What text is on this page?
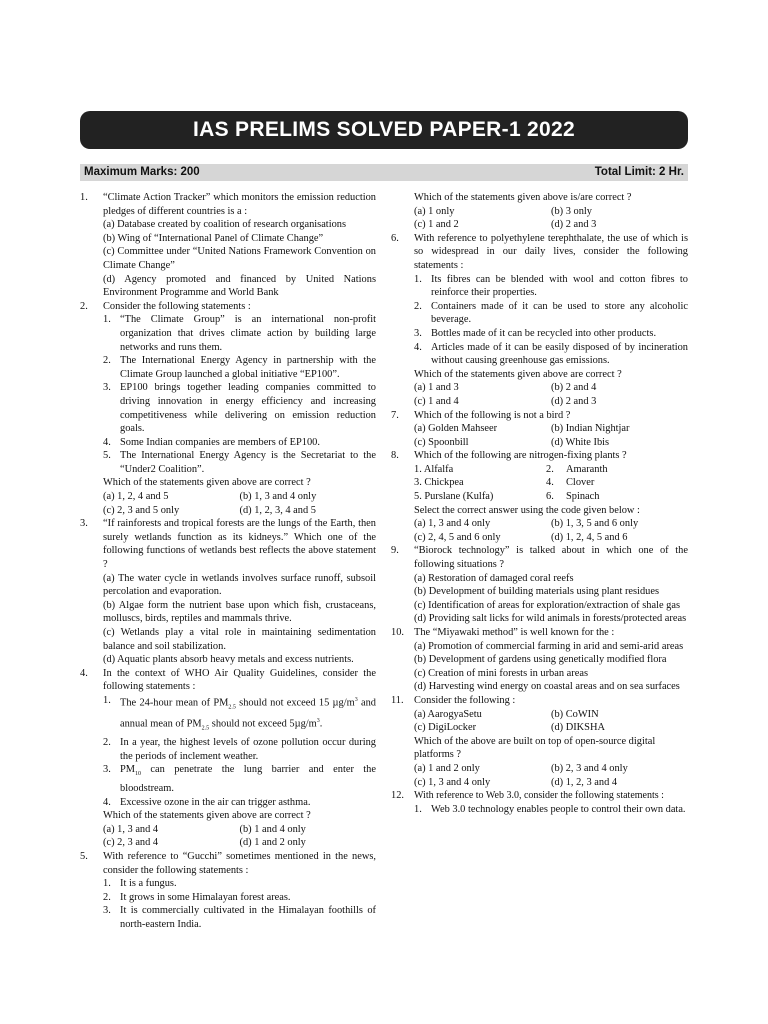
IAS PRELIMS SOLVED PAPER-1 2022
Maximum Marks: 200	Total Limit: 2 Hr.
1.	“Climate Action Tracker” which monitors the emission reduction pledges of different countries is a :

(a) Database created by coalition of research organisations
(b) Wing of “International Panel of Climate Change”
(c) Committee under “United Nations Framework Convention on Climate Change”
(d) Agency promoted and financed by United Nations Environment Programme and World Bank
2.	Consider the following statements :

1. “The Climate Group” is an international non-profit organization that drives climate action by building large networks and runs them.
2. The International Energy Agency in partnership with the Climate Group launched a global initiative “EP100”.
3. EP100 brings together leading companies committed to driving innovation in energy efficiency and increasing competitiveness while delivering on emission reduction goals.
4. Some Indian companies are members of EP100.
5. The International Energy Agency is the Secretariat to the “Under2 Coalition”.
Which of the statements given above are correct ?
(a) 1, 2, 4 and 5	(b) 1, 3 and 4 only
(c) 2, 3 and 5 only	(d) 1, 2, 3, 4 and 5
3.	“If rainforests and tropical forests are the lungs of the Earth, then surely wetlands function as its kidneys.” Which one of the following functions of wetlands best reflects the above statement ?

(a) The water cycle in wetlands involves surface runoff, subsoil percolation and evaporation.
(b) Algae form the nutrient base upon which fish, crustaceans, molluscs, birds, reptiles and mammals thrive.
(c) Wetlands play a vital role in maintaining sedimentation balance and soil stabilization.
(d) Aquatic plants absorb heavy metals and excess nutrients.
4.	In the context of WHO Air Quality Guidelines, consider the following statements :

1. The 24-hour mean of $PM_{2.5}$ should not exceed 15 $\mu g/m^3$ and annual mean of $PM_{2.5}$ should not exceed $5\mu g/m^3$.
2. In a year, the highest levels of ozone pollution occur during the periods of inclement weather.
3. $PM_{10}$ can penetrate the lung barrier and enter the bloodstream.
4. Excessive ozone in the air can trigger asthma.
Which of the statements given above are correct ?
(a) 1, 3 and 4	(b) 1 and 4 only
(c) 2, 3 and 4	(d) 1 and 2 only
5.	With reference to “Gucchi” sometimes mentioned in the news, consider the following statements :

1. It is a fungus.
2. It grows in some Himalayan forest areas.
3. It is commercially cultivated in the Himalayan foothills of north-eastern India.
Which of the statements given above is/are correct ?
(a) 1 only	(b) 3 only
(c) 1 and 2	(d) 2 and 3
6.	With reference to polyethylene terephthalate, the use of which is so widespread in our daily lives, consider the following statements :

1. Its fibres can be blended with wool and cotton fibres to reinforce their properties.
2. Containers made of it can be used to store any alcoholic beverage.
3. Bottles made of it can be recycled into other products.
4. Articles made of it can be easily disposed of by incineration without causing greenhouse gas emissions.
Which of the statements given above are correct ?
(a) 1 and 3	(b) 2 and 4
(c) 1 and 4	(d) 2 and 3
7.	Which of the following is not a bird ?

(a) Golden Mahseer	(b) Indian Nightjar
(c) Spoonbill	(d) White Ibis
8.	Which of the following are nitrogen-fixing plants ?

1. Alfalfa	2.	Amaranth
3. Chickpea	4.	Clover
5. Purslane (Kulfa)	6.	Spinach
Select the correct answer using the code given below :
(a) 1, 3 and 4 only	(b) 1, 3, 5 and 6 only
(c) 2, 4, 5 and 6 only	(d) 1, 2, 4, 5 and 6
9.	“Biorock technology” is talked about in which one of the following situations ?

(a) Restoration of damaged coral reefs
(b) Development of building materials using plant residues
(c) Identification of areas for exploration/extraction of shale gas
(d) Providing salt licks for wild animals in forests/protected areas
10. The “Miyawaki method” is well known for the :

(a) Promotion of commercial farming in arid and semi-arid areas
(b) Development of gardens using genetically modified flora
(c) Creation of mini forests in urban areas
(d) Harvesting wind energy on coastal areas and on sea surfaces
11. Consider the following :

(a) AarogyaSetu	(b) CoWIN
(c) DigiLocker	(d) DIKSHA
Which of the above are built on top of open-source digital platforms ?
(a) 1 and 2 only	(b) 2, 3 and 4 only
(c) 1, 3 and 4 only	(d) 1, 2, 3 and 4
12.	With reference to Web 3.0, consider the following statements :

1. Web 3.0 technology enables people to control their own data.
